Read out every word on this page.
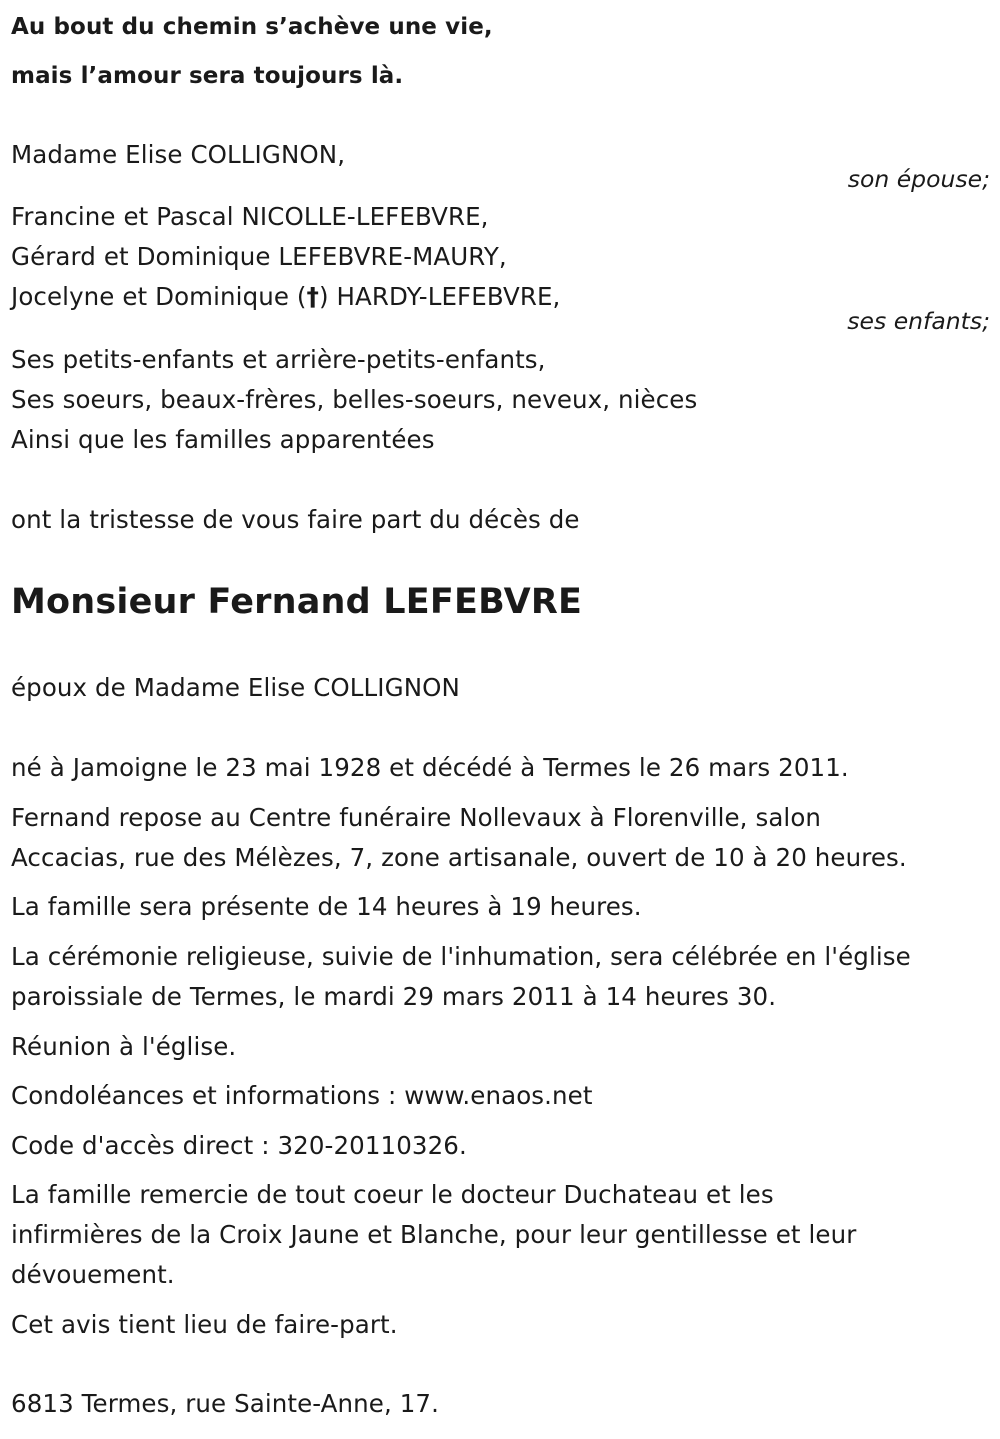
Au bout du chemin s’achève une vie,
mais l’amour sera toujours là.
Madame Elise COLLIGNON,
son épouse;
Francine et Pascal NICOLLE-LEFEBVRE,
Gérard et Dominique LEFEBVRE-MAURY,
Jocelyne et Dominique (†) HARDY-LEFEBVRE,
ses enfants;
Ses petits-enfants et arrière-petits-enfants,
Ses soeurs, beaux-frères, belles-soeurs, neveux, nièces
Ainsi que les familles apparentées
ont la tristesse de vous faire part du décès de
Monsieur Fernand LEFEBVRE
époux de Madame Elise COLLIGNON
né à Jamoigne le 23 mai 1928 et décédé à Termes le 26 mars 2011.
Fernand repose au Centre funéraire Nollevaux à Florenville, salon
Accacias, rue des Mélèzes, 7, zone artisanale, ouvert de 10 à 20 heures.
La famille sera présente de 14 heures à 19 heures.
La cérémonie religieuse, suivie de l'inhumation, sera célébrée en l'église
paroissiale de Termes, le mardi 29 mars 2011 à 14 heures 30.
Réunion à l'église.
Condoléances et informations : www.enaos.net
Code d'accès direct : 320-20110326.
La famille remercie de tout coeur le docteur Duchateau et les
infirmières de la Croix Jaune et Blanche, pour leur gentillesse et leur
dévouement.
Cet avis tient lieu de faire-part.
6813 Termes, rue Sainte-Anne, 17.
